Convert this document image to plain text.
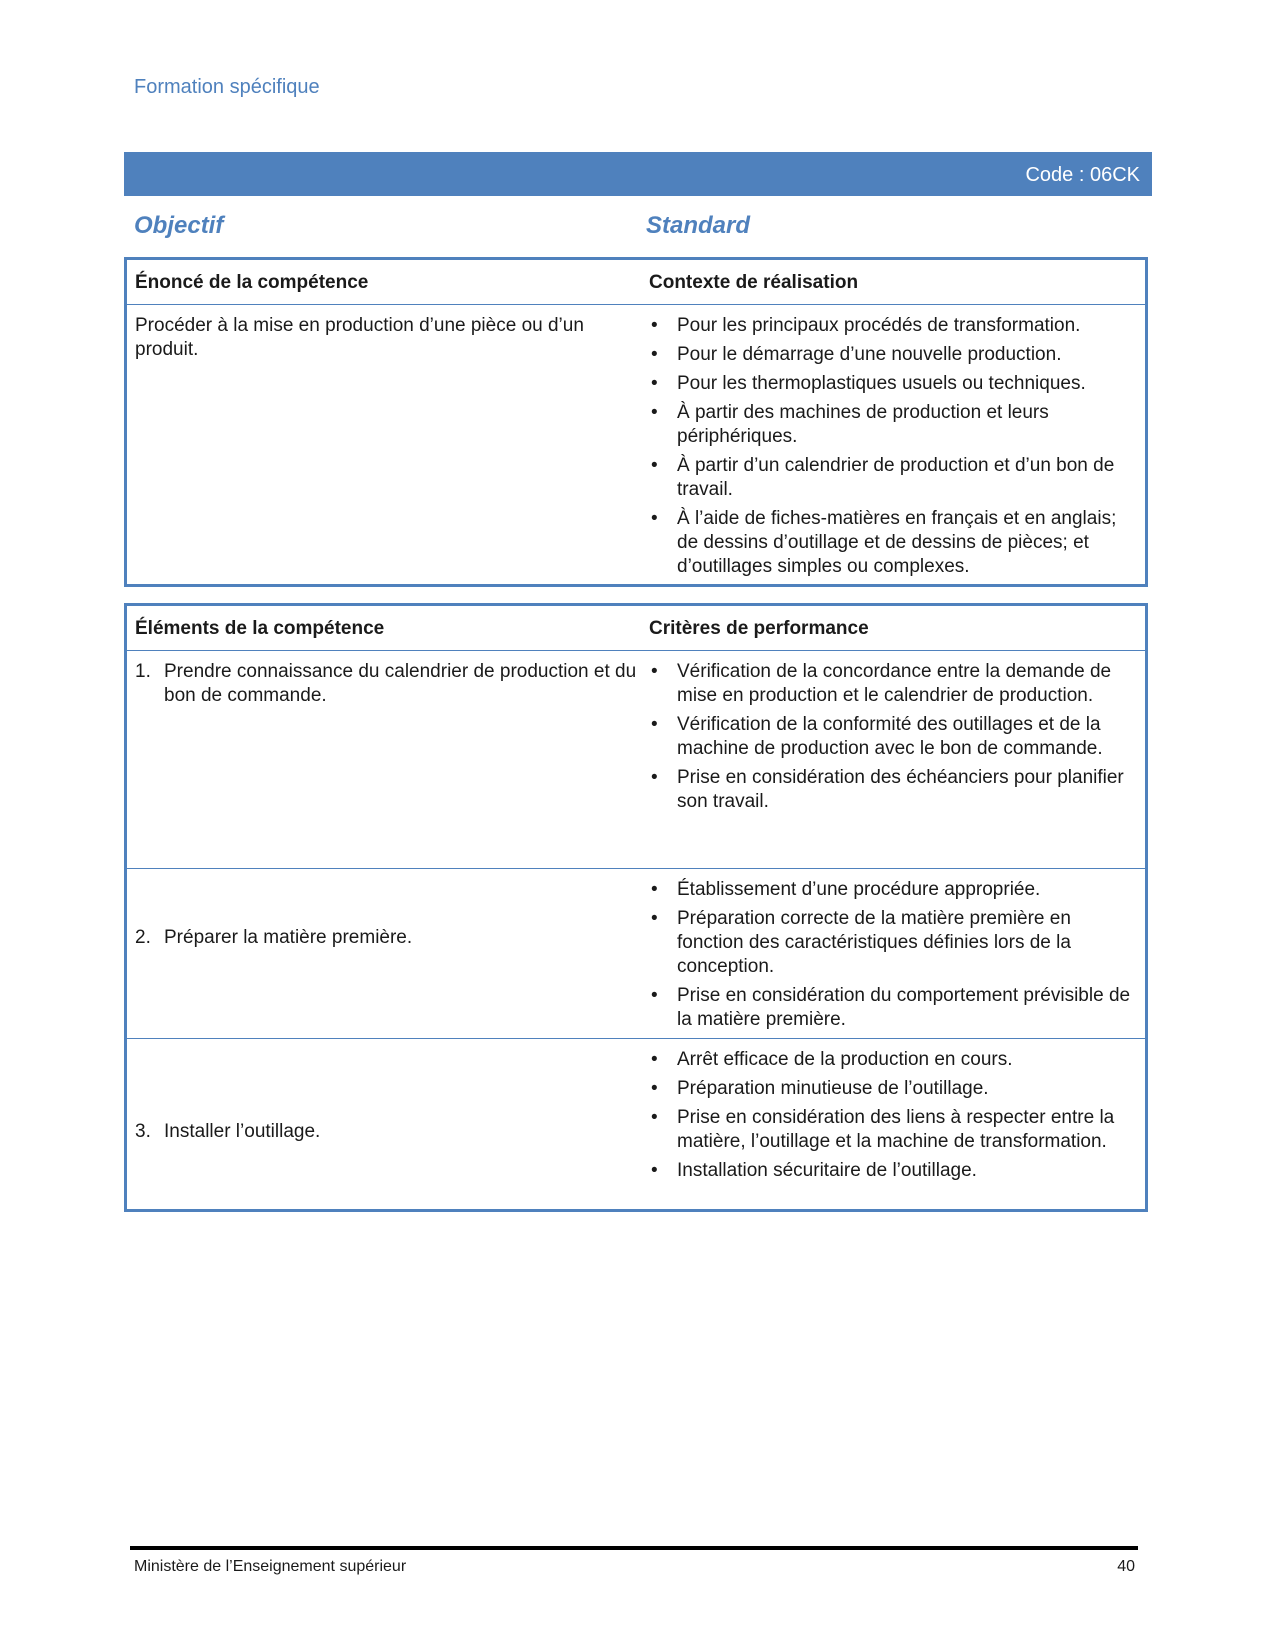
Formation spécifique
Code : 06CK
Objectif	Standard
Énoncé de la compétence	Contexte de réalisation
Procéder à la mise en production d’une pièce ou d’un produit.
• Pour les principaux procédés de transformation.
• Pour le démarrage d’une nouvelle production.
• Pour les thermoplastiques usuels ou techniques.
• À partir des machines de production et leurs périphériques.
• À partir d’un calendrier de production et d’un bon de travail.
• À l’aide de fiches-matières en français et en anglais; de dessins d’outillage et de dessins de pièces; et d’outillages simples ou complexes.
Éléments de la compétence	Critères de performance
1. Prendre connaissance du calendrier de production et du bon de commande.
• Vérification de la concordance entre la demande de mise en production et le calendrier de production.
• Vérification de la conformité des outillages et de la machine de production avec le bon de commande.
• Prise en considération des échéanciers pour planifier son travail.
2. Préparer la matière première.
• Établissement d’une procédure appropriée.
• Préparation correcte de la matière première en fonction des caractéristiques définies lors de la conception.
• Prise en considération du comportement prévisible de la matière première.
3. Installer l’outillage.
• Arrêt efficace de la production en cours.
• Préparation minutieuse de l’outillage.
• Prise en considération des liens à respecter entre la matière, l’outillage et la machine de transformation.
• Installation sécuritaire de l’outillage.
Ministère de l’Enseignement supérieur	40
